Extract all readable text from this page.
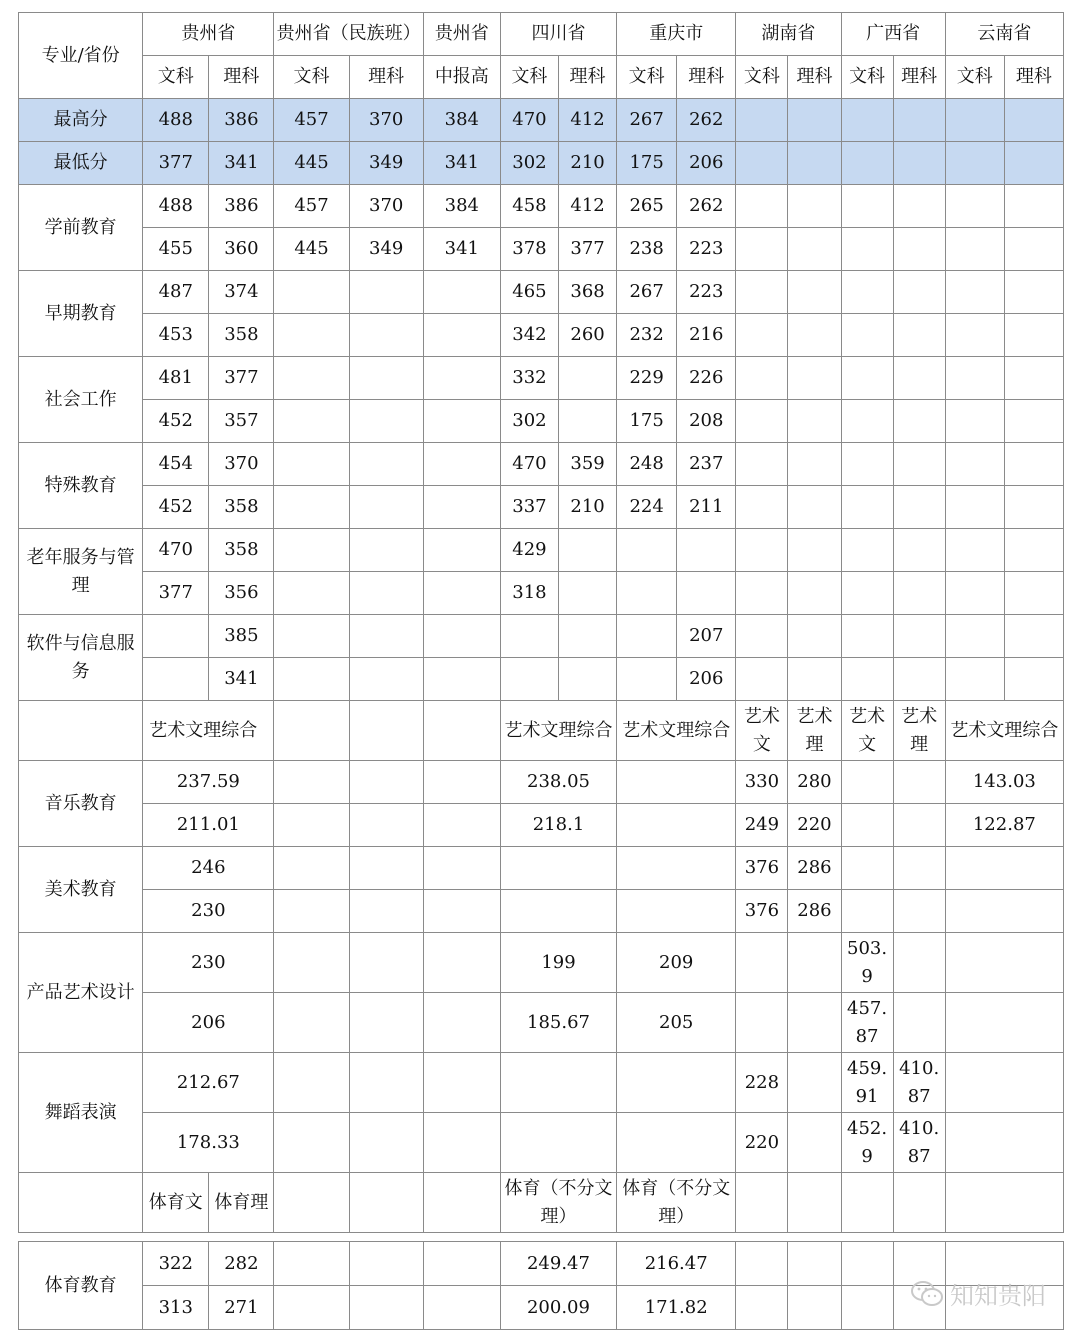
专业/省份	贵州省		贵州省（民族班）		贵州省	四川省		重庆市		湖南省		广西省		云南省	
	文科	理科	文科	理科	中报高	文科	理科	文科	理科	文科	理科	文科	理科	文科	理科
最高分	488	386	457	370	384	470	412	267	262						
最低分	377	341	445	349	341	302	210	175	206						
学前教育	488	386	457	370	384	458	412	265	262						
	455	360	445	349	341	378	377	238	223						
早期教育	487	374				465	368	267	223						
	453	358				342	260	232	216						
社会工作	481	377				332		229	226						
	452	357				302		175	208						
特殊教育	454	370				470	359	248	237						
	452	358				337	210	224	211						
老年服务与管理	470	358				429									
	377	356				318									
软件与信息服务		385							207						
		341							206						
	艺术文理综合					艺术文理综合		艺术文理综合		艺术文	艺术理	艺术文	艺术理	艺术文理综合	
音乐教育	237.59					238.05				330	280			143.03	
	211.01					218.1				249	220			122.87	
美术教育	246									376	286				
	230									376	286				
产品艺术设计	230					199		209				503.9			
	206					185.67		205				457.87			
舞蹈表演	212.67									228		459.91	410.87		
	178.33									220		452.9	410.87		
	体育文	体育理				体育（不分文理）		体育（不分文理）							
体育教育	322	282				249.47	216.47					
	313	271				200.09	171.82						知知贵阳
